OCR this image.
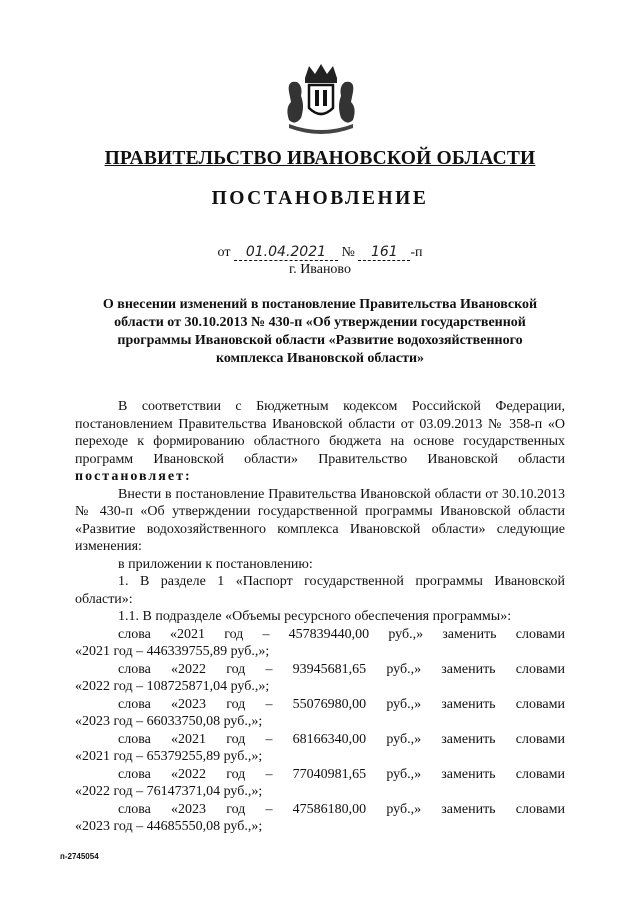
ПРАВИТЕЛЬСТВО ИВАНОВСКОЙ ОБЛАСТИ
ПОСТАНОВЛЕНИЕ
от 01.04.2021 № 161 -п
г. Иваново
О внесении изменений в постановление Правительства Ивановской области от 30.10.2013 № 430-п «Об утверждении государственной программы Ивановской области «Развитие водохозяйственного комплекса Ивановской области»

В соответствии с Бюджетным кодексом Российской Федерации, постановлением Правительства Ивановской области от 03.09.2013 № 358-п «О переходе к формированию областного бюджета на основе государственных программ Ивановской области» Правительство Ивановской области постановляет:

Внести в постановление Правительства Ивановской области от 30.10.2013 № 430-п «Об утверждении государственной программы Ивановской области «Развитие водохозяйственного комплекса Ивановской области» следующие изменения:

в приложении к постановлению:

1. В разделе 1 «Паспорт государственной программы Ивановской области»:

1.1. В подразделе «Объемы ресурсного обеспечения программы»:

слова «2021 год – 457839440,00 руб.,» заменить словами

«2021 год – 446339755,89 руб.,»;

слова «2022 год – 93945681,65 руб.,» заменить словами

«2022 год – 108725871,04 руб.,»;

слова «2023 год – 55076980,00 руб.,» заменить словами

«2023 год – 66033750,08 руб.,»;

слова «2021 год – 68166340,00 руб.,» заменить словами

«2021 год – 65379255,89 руб.,»;

слова «2022 год – 77040981,65 руб.,» заменить словами

«2022 год – 76147371,04 руб.,»;

слова «2023 год – 47586180,00 руб.,» заменить словами

«2023 год – 44685550,08 руб.,»;

п-2745054
